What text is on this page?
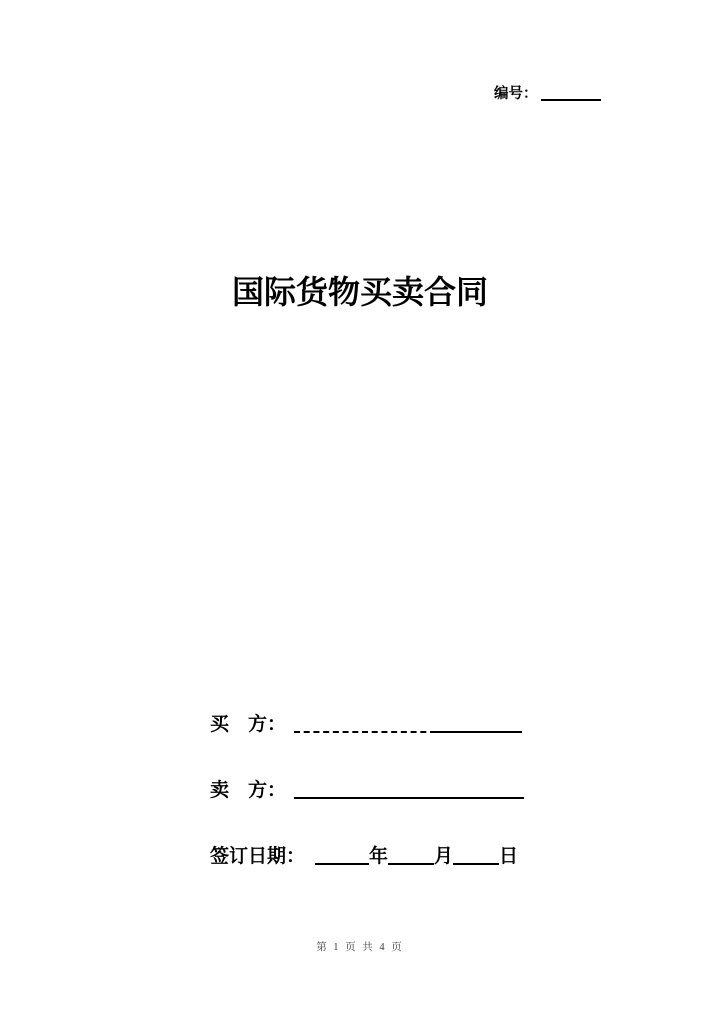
编号：
国际货物买卖合同
买　方：
卖　方：
签订日期：	年 月 日
第 1 页 共 4 页
